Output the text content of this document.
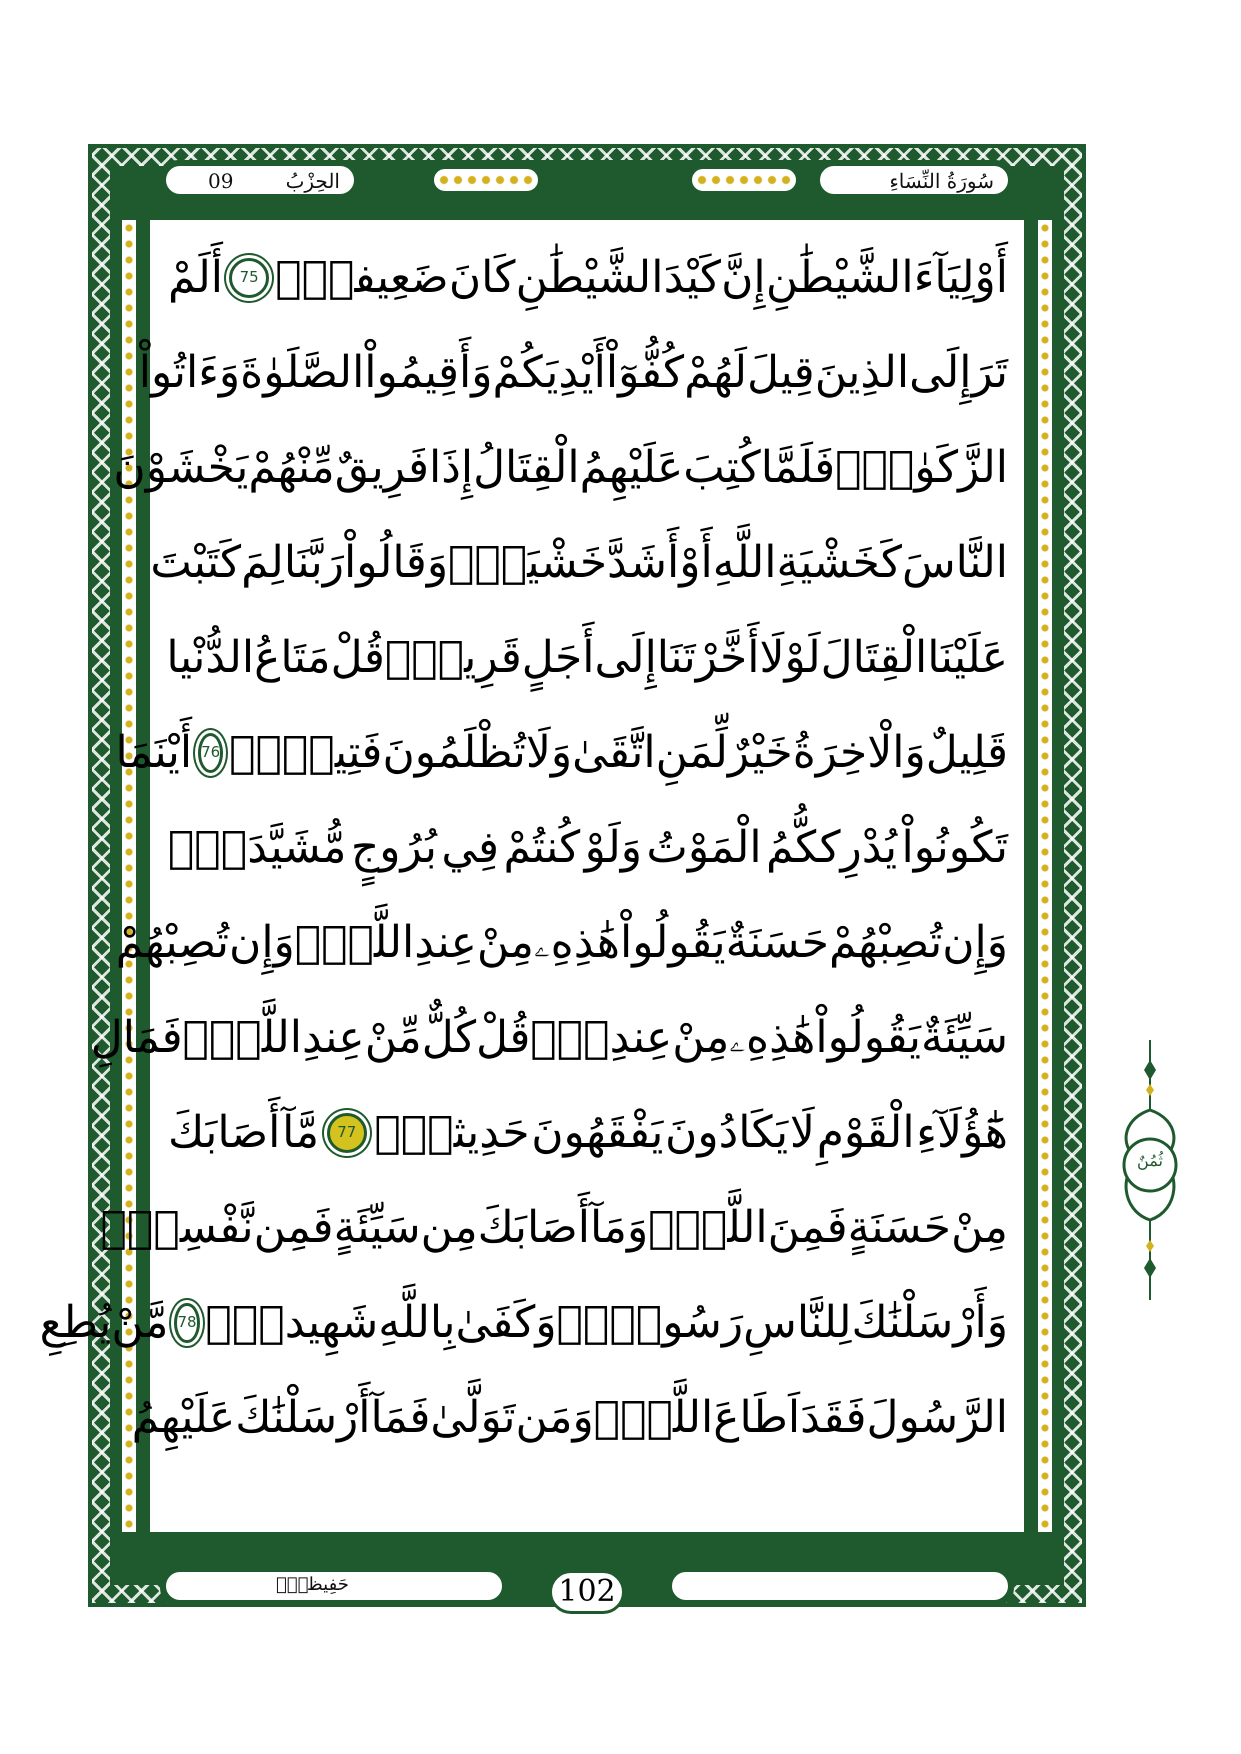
سُورَةُ النِّسَاءِ
الحِزْبُ
09
أَوْلِيَآءَ
الشَّيْطَٰنِ
إِنَّ
كَيْدَ
الشَّيْطَٰنِ
كَانَ
ضَعِيفاًۖ
75
أَلَمْ
تَرَ
إِلَى
الذِينَ
قِيلَ
لَهُمْ
كُفُّوٓاْ
أَيْدِيَكُمْ
وَأَقِيمُواْ
الصَّلَوٰةَ
وَءَاتُواْ
الزَّكَوٰةَۖ
فَلَمَّا
كُتِبَ
عَلَيْهِمُ
الْقِتَالُ
إِذَا
فَرِيقٌ
مِّنْهُمْ
يَخْشَوْنَ
النَّاسَ
كَخَشْيَةِ
اللَّهِ
أَوْ
أَشَدَّ
خَشْيَةًۖ
وَقَالُواْ
رَبَّنَا
لِمَ
كَتَبْتَ
عَلَيْنَا
الْقِتَالَ
لَوْلَا
أَخَّرْتَنَا
إِلَى
أَجَلٍ
قَرِيبٍۖ
قُلْ
مَتَاعُ
الدُّنْيا
قَلِيلٌ
وَالْاخِرَةُ
خَيْرٌ
لِّمَنِ
اتَّقَىٰ
وَلَا
تُظْلَمُونَ
فَتِيلًاۖ
76
أَيْنَمَا
تَكُونُواْ
يُدْرِككُّمُ
الْمَوْتُ
وَلَوْ
كُنتُمْ
فِي
بُرُوجٍ
مُّشَيَّدَةٍۖ
وَإِن
تُصِبْهُمْ
حَسَنَةٌ
يَقُولُواْ
هَٰذِهِۦ
مِنْ
عِندِ
اللَّهِۖ
وَإِن
تُصِبْهُمْ
سَيِّئَةٌ
يَقُولُواْ
هَٰذِهِۦ
مِنْ
عِندِكَۖ
قُلْ
كُلٌّ
مِّنْ
عِندِ
اللَّهِۖ
فَمَالِ
هَٰٓؤُلَآءِ
الْقَوْمِ
لَا
يَكَادُونَ
يَفْقَهُونَ
حَدِيثاًۖ
77
مَّآ
أَصَابَكَ
مِنْ
حَسَنَةٍ
فَمِنَ
اللَّهِۖ
وَمَآ
أَصَابَكَ
مِن
سَيِّئَةٍ
فَمِن
نَّفْسِكَۖ
وَأَرْسَلْنَٰكَ
لِلنَّاسِ
رَسُولًاۖ
وَكَفَىٰ
بِاللَّهِ
شَهِيداًۖ
78
مَّنْ
يُطِعِ
الرَّسُولَ
فَقَدَ
اَطَاعَ
اللَّهَۖ
وَمَن
تَوَلَّىٰ
فَمَآ
أَرْسَلْنَٰكَ
عَلَيْهِمُ
حَفِيظاًۖ	102
ثُمُنٌ
